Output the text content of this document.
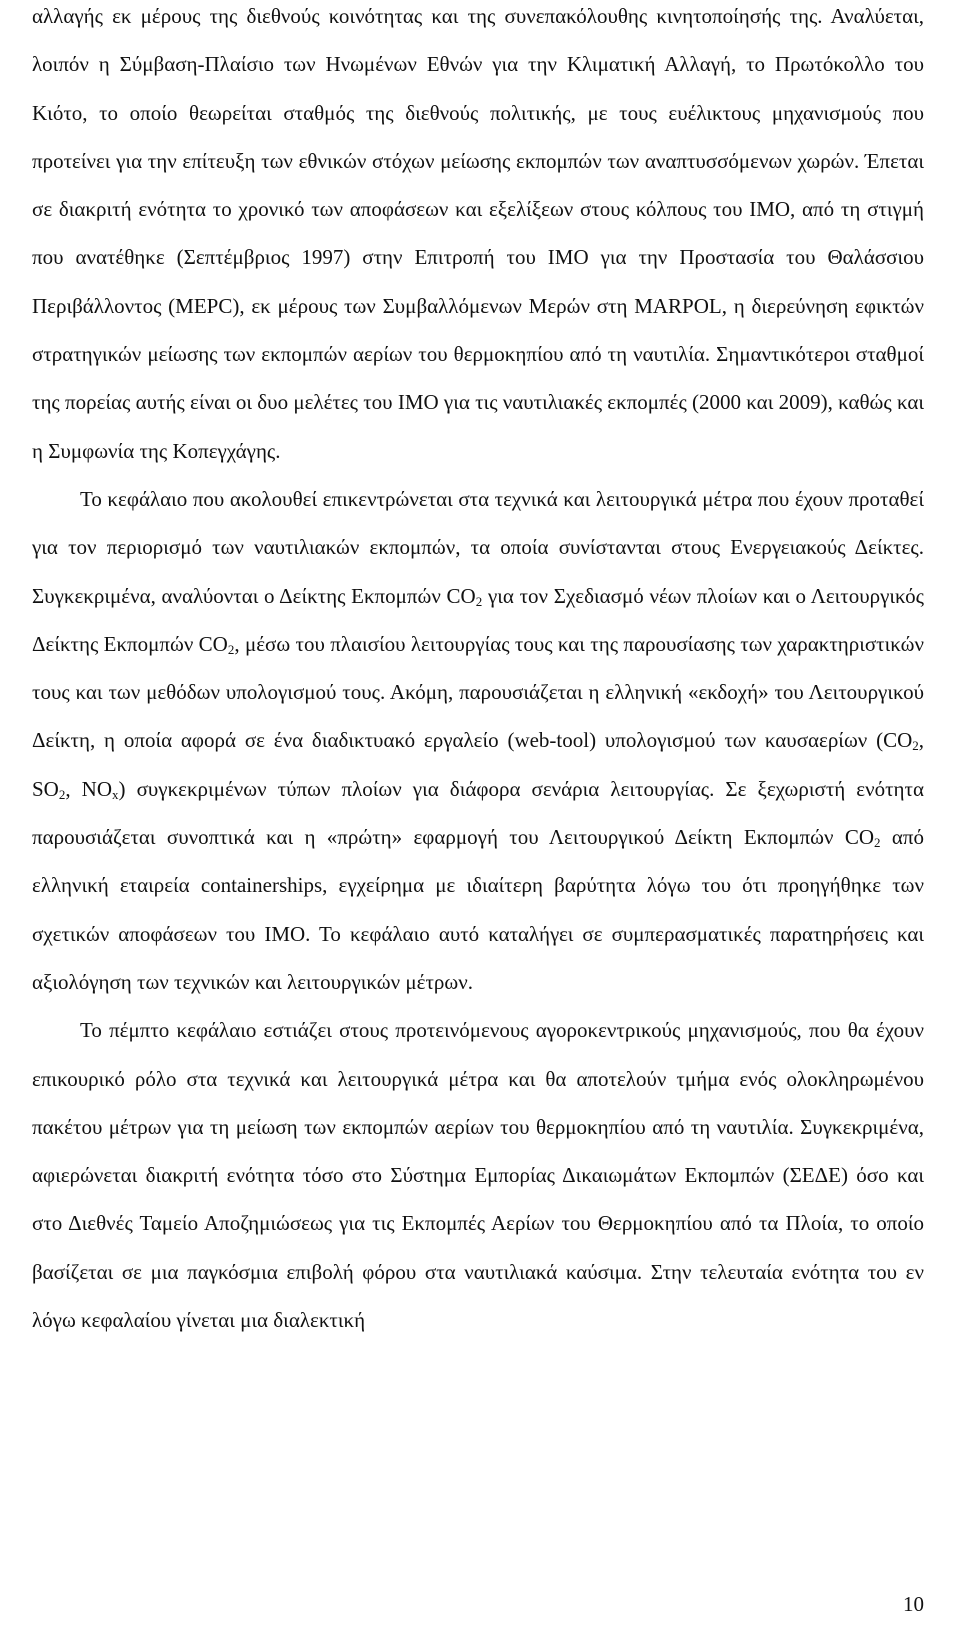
αλλαγής εκ μέρους της διεθνούς κοινότητας και της συνεπακόλουθης κινητοποίησής της. Αναλύεται, λοιπόν η Σύμβαση-Πλαίσιο των Ηνωμένων Εθνών για την Κλιματική Αλλαγή, το Πρωτόκολλο του Κιότο, το οποίο θεωρείται σταθμός της διεθνούς πολιτικής, με τους ευέλικτους μηχανισμούς που προτείνει για την επίτευξη των εθνικών στόχων μείωσης εκπομπών των αναπτυσσόμενων χωρών. Έπεται σε διακριτή ενότητα το χρονικό των αποφάσεων και εξελίξεων στους κόλπους του ΙΜΟ, από τη στιγμή που ανατέθηκε (Σεπτέμβριος 1997) στην Επιτροπή του ΙΜΟ για την Προστασία του Θαλάσσιου Περιβάλλοντος (ΜΕPC), εκ μέρους των Συμβαλλόμενων Μερών στη MARPOL, η διερεύνηση εφικτών στρατηγικών μείωσης των εκπομπών αερίων του θερμοκηπίου από τη ναυτιλία. Σημαντικότεροι σταθμοί της πορείας αυτής είναι οι δυο μελέτες του ΙΜΟ για τις ναυτιλιακές εκπομπές (2000 και 2009), καθώς και η Συμφωνία της Κοπεγχάγης.

Το κεφάλαιο που ακολουθεί επικεντρώνεται στα τεχνικά και λειτουργικά μέτρα που έχουν προταθεί για τον περιορισμό των ναυτιλιακών εκπομπών, τα οποία συνίστανται στους Ενεργειακούς Δείκτες. Συγκεκριμένα, αναλύονται ο Δείκτης Εκπομπών $CO_2$ για τον Σχεδιασμό νέων πλοίων και ο Λειτουργικός Δείκτης Εκπομπών $CO_2$, μέσω του πλαισίου λειτουργίας τους και της παρουσίασης των χαρακτηριστικών τους και των μεθόδων υπολογισμού τους. Ακόμη, παρουσιάζεται η ελληνική «εκδοχή» του Λειτουργικού Δείκτη, η οποία αφορά σε ένα διαδικτυακό εργαλείο (web-tool) υπολογισμού των καυσαερίων ($CO_2$, $SO_2$, $NO_x$) συγκεκριμένων τύπων πλοίων για διάφορα σενάρια λειτουργίας. Σε ξεχωριστή ενότητα παρουσιάζεται συνοπτικά και η «πρώτη» εφαρμογή του Λειτουργικού Δείκτη Εκπομπών $CO_2$ από ελληνική εταιρεία containerships, εγχείρημα με ιδιαίτερη βαρύτητα λόγω του ότι προηγήθηκε των σχετικών αποφάσεων του ΙΜΟ. Το κεφάλαιο αυτό καταλήγει σε συμπερασματικές παρατηρήσεις και αξιολόγηση των τεχνικών και λειτουργικών μέτρων.

Το πέμπτο κεφάλαιο εστιάζει στους προτεινόμενους αγοροκεντρικούς μηχανισμούς, που θα έχουν επικουρικό ρόλο στα τεχνικά και λειτουργικά μέτρα και θα αποτελούν τμήμα ενός ολοκληρωμένου πακέτου μέτρων για τη μείωση των εκπομπών αερίων του θερμοκηπίου από τη ναυτιλία. Συγκεκριμένα, αφιερώνεται διακριτή ενότητα τόσο στο Σύστημα Εμπορίας Δικαιωμάτων Εκπομπών (ΣΕΔΕ) όσο και στο Διεθνές Ταμείο Αποζημιώσεως για τις Εκπομπές Αερίων του Θερμοκηπίου από τα Πλοία, το οποίο βασίζεται σε μια παγκόσμια επιβολή φόρου στα ναυτιλιακά καύσιμα. Στην τελευταία ενότητα του εν λόγω κεφαλαίου γίνεται μια διαλεκτική

10
